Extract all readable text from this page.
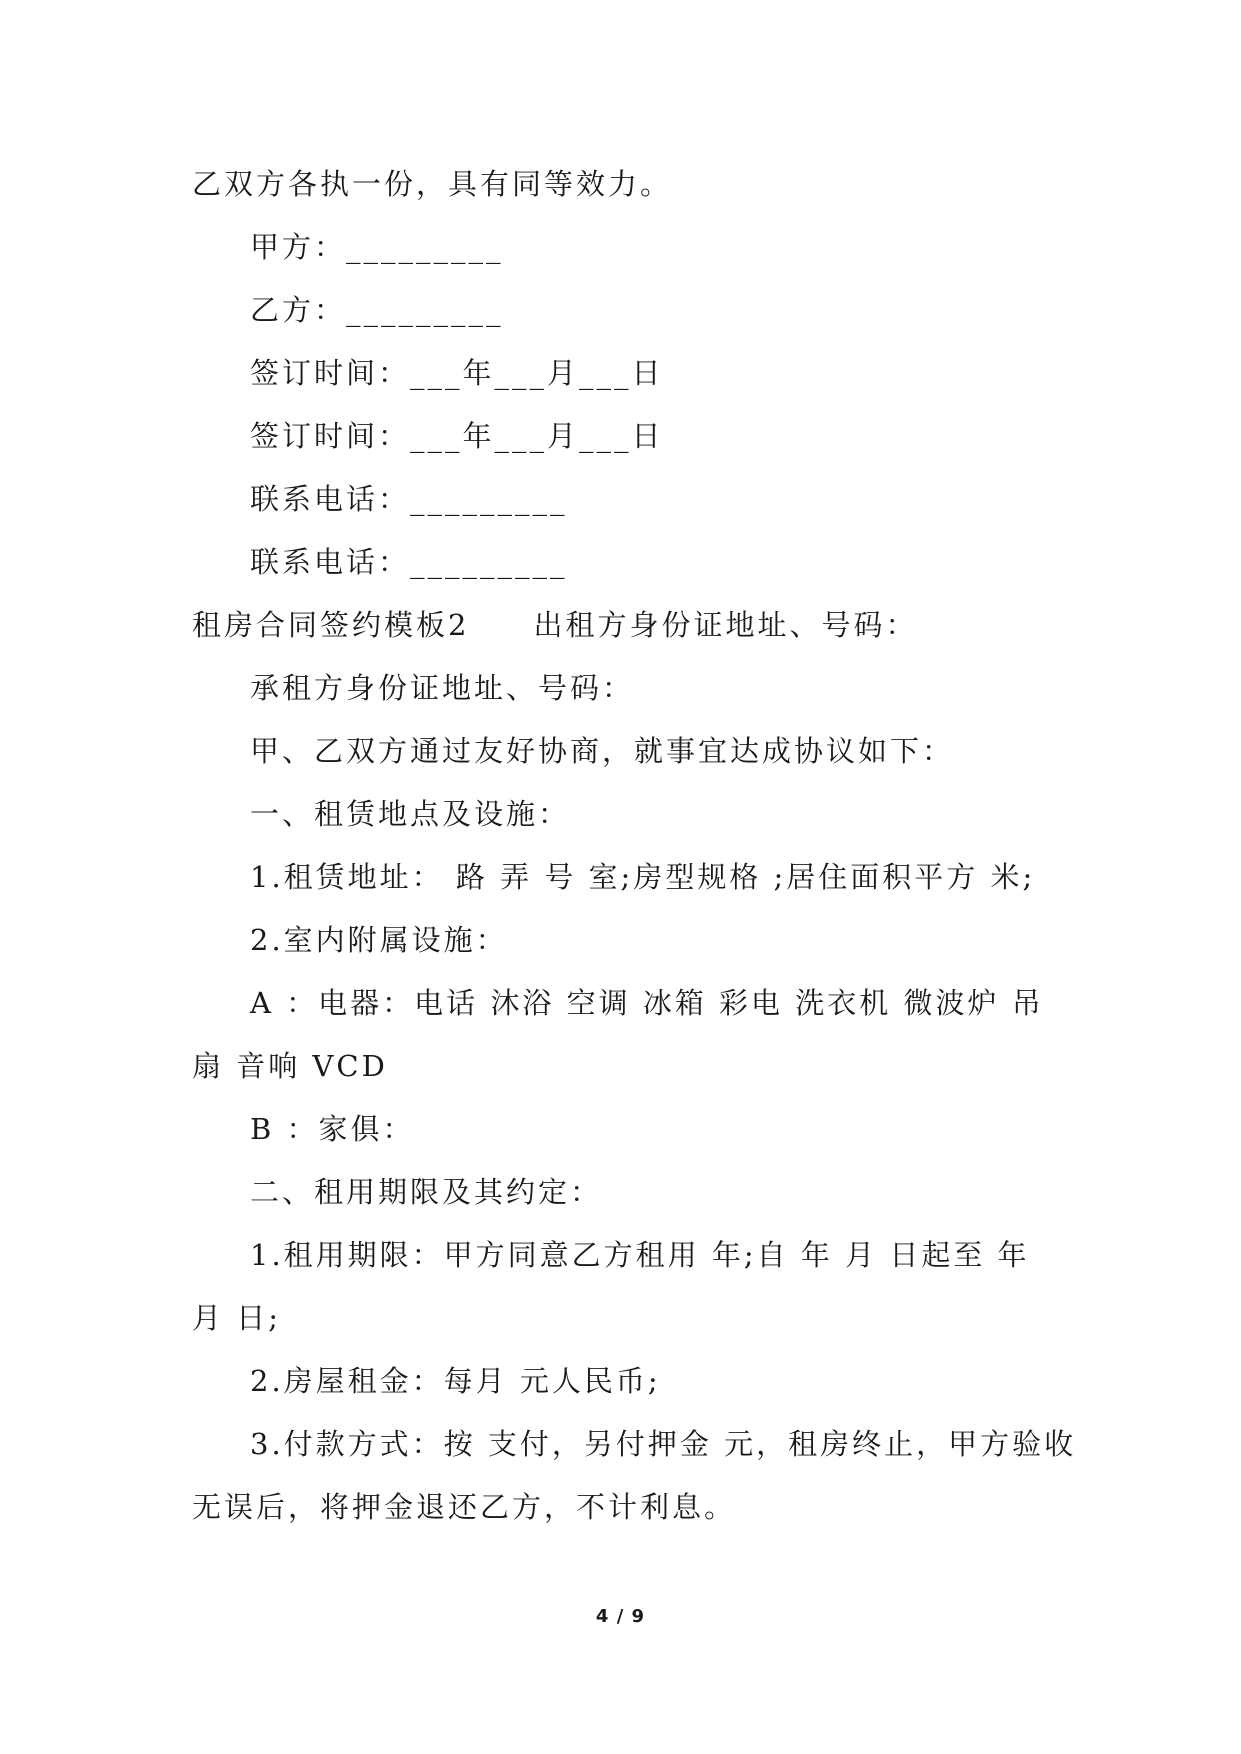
乙双方各执一份，具有同等效力。
甲方：_________
乙方：_________
签订时间：___年___月___日
签订时间：___年___月___日
联系电话：_________
联系电话：_________
租房合同签约模板2　　出租方身份证地址、号码：
承租方身份证地址、号码：
甲、乙双方通过友好协商，就事宜达成协议如下：
一、租赁地点及设施：
1.租赁地址： 路 弄 号 室;房型规格 ;居住面积平方 米;
2.室内附属设施：
A ：电器：电话 沐浴 空调 冰箱 彩电 洗衣机 微波炉 吊
扇 音响 VCD
B ：家俱：
二、租用期限及其约定：
1.租用期限：甲方同意乙方租用 年;自 年 月 日起至 年
月 日;
2.房屋租金：每月 元人民币;
3.付款方式：按 支付，另付押金 元，租房终止，甲方验收
无误后，将押金退还乙方，不计利息。
4 / 9
